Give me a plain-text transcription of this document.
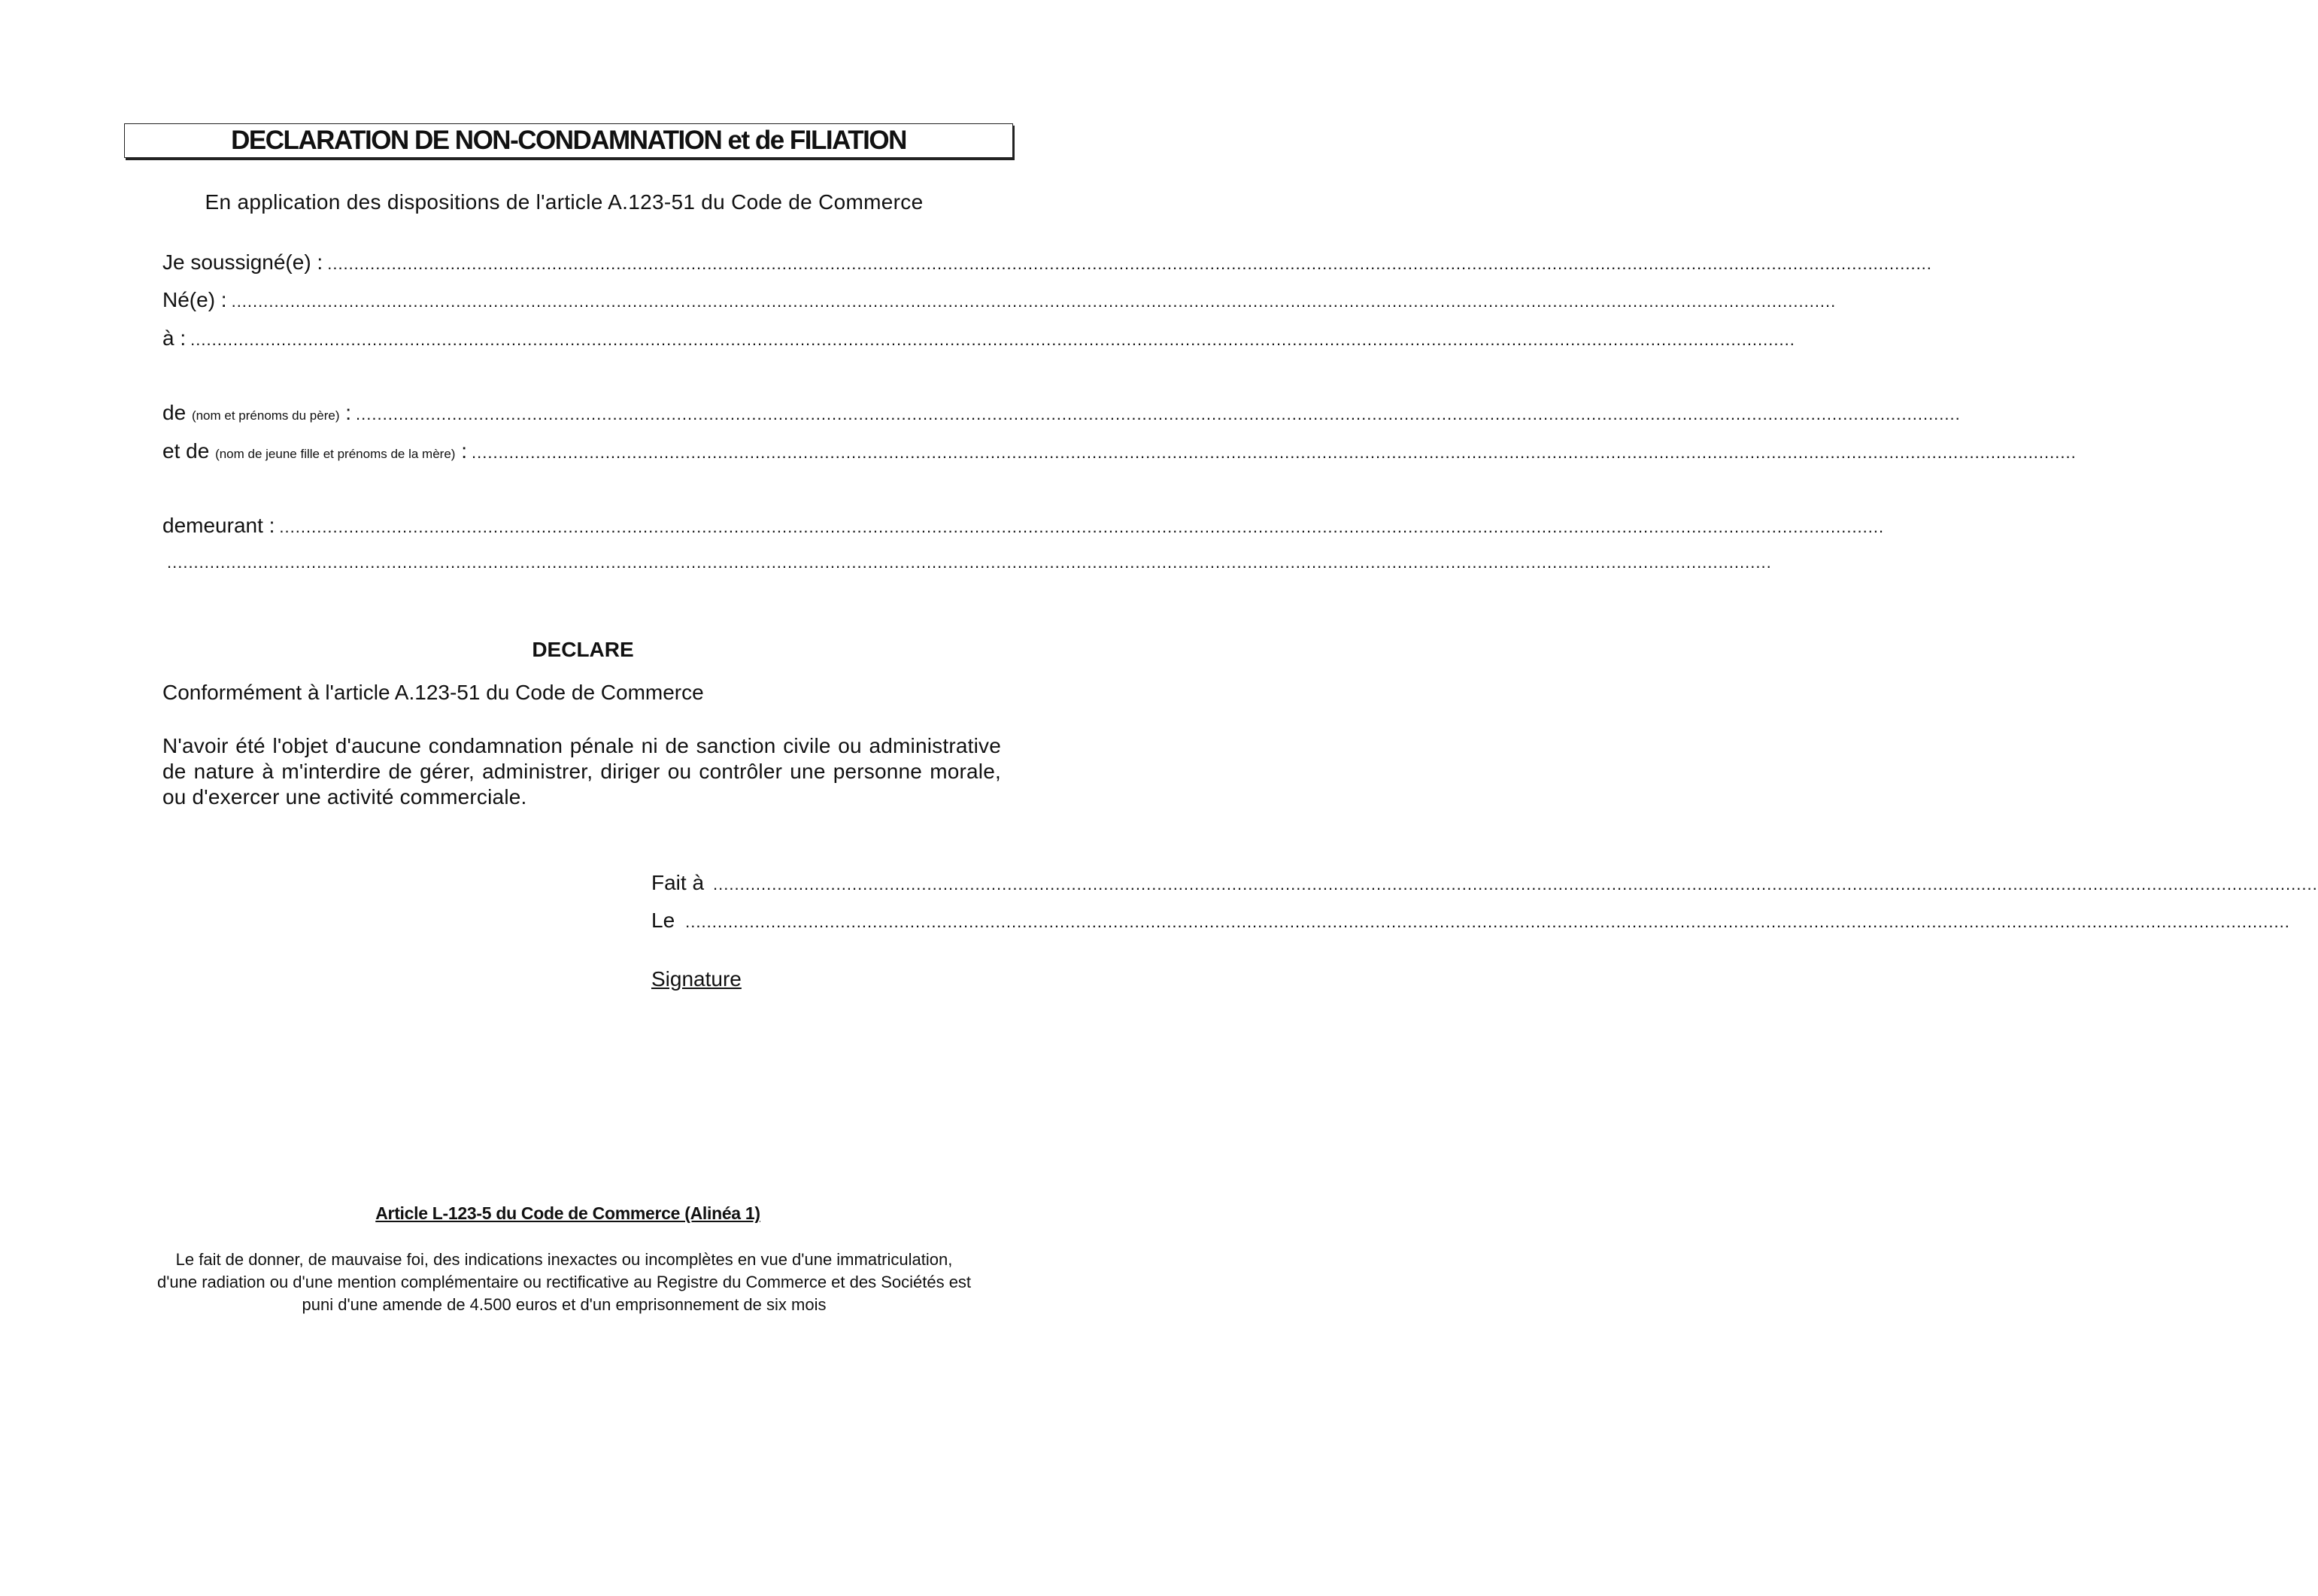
DECLARATION DE NON-CONDAMNATION et de FILIATION
En application des dispositions de l'article A.123-51 du Code de Commerce
Je soussigné(e) : ............................................................................................................................................................................................................................................................................................................
Né(e) : ............................................................................................................................................................................................................................................................................................................
à : ............................................................................................................................................................................................................................................................................................................
de (nom et prénoms du père) : ............................................................................................................................................................................................................................................................................................................
et de (nom de jeune fille et prénoms de la mère) : ............................................................................................................................................................................................................................................................................................................
demeurant : ............................................................................................................................................................................................................................................................................................................
............................................................................................................................................................................................................................................................................................................
DECLARE
Conformément à l'article A.123-51 du Code de Commerce
N'avoir été l'objet d'aucune condamnation pénale ni de sanction civile ou administrative de nature à m'interdire de gérer, administrer, diriger ou contrôler une personne morale, ou d'exercer une activité commerciale.
Fait à ............................................................................................................................................................................................................................................................................................................
Le ............................................................................................................................................................................................................................................................................................................
Signature
Article L-123-5 du Code de Commerce (Alinéa 1)
Le fait de donner, de mauvaise foi, des indications inexactes ou incomplètes en vue d'une immatriculation,
d'une radiation ou d'une mention complémentaire ou rectificative au Registre du Commerce et des Sociétés est
puni d'une amende de 4.500 euros et d'un emprisonnement de six mois
